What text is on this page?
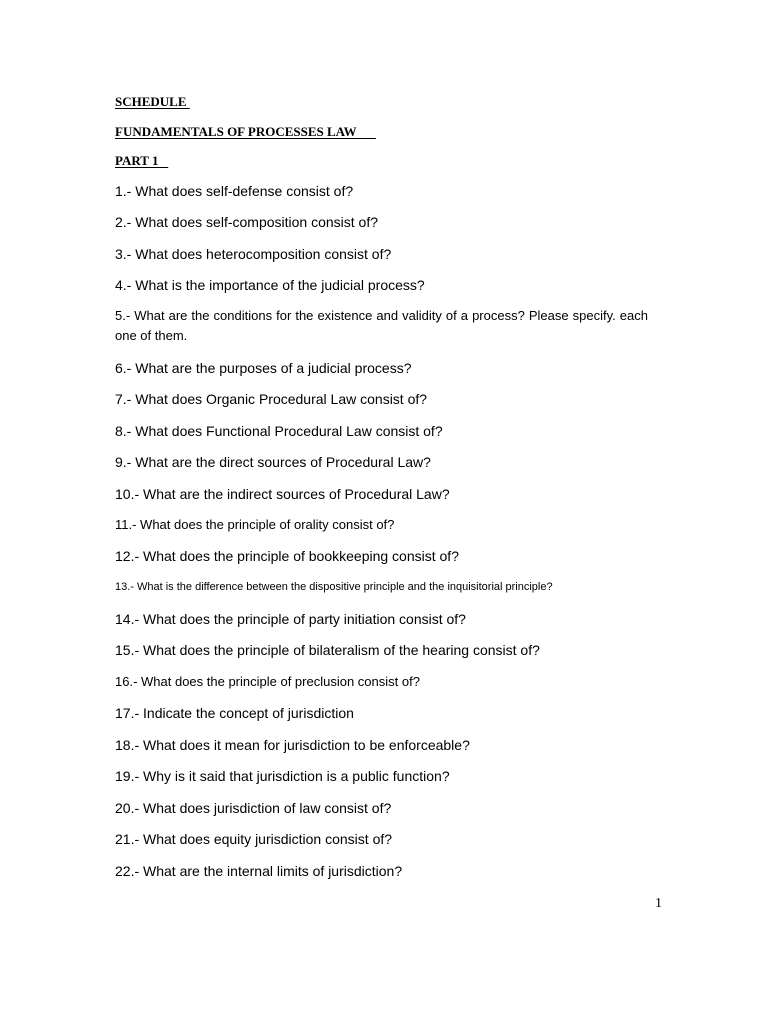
SCHEDULE
FUNDAMENTALS OF PROCESSES LAW
PART 1
1.- What does self-defense consist of?
2.- What does self-composition consist of?
3.- What does heterocomposition consist of?
4.- What is the importance of the judicial process?
5.- What are the conditions for the existence and validity of a process? Please specify. each one of them.
6.- What are the purposes of a judicial process?
7.- What does Organic Procedural Law consist of?
8.- What does Functional Procedural Law consist of?
9.- What are the direct sources of Procedural Law?
10.- What are the indirect sources of Procedural Law?
11.- What does the principle of orality consist of?
12.- What does the principle of bookkeeping consist of?
13.- What is the difference between the dispositive principle and the inquisitorial principle?
14.- What does the principle of party initiation consist of?
15.- What does the principle of bilateralism of the hearing consist of?
16.- What does the principle of preclusion consist of?
17.- Indicate the concept of jurisdiction
18.- What does it mean for jurisdiction to be enforceable?
19.- Why is it said that jurisdiction is a public function?
20.- What does jurisdiction of law consist of?
21.- What does equity jurisdiction consist of?
22.- What are the internal limits of jurisdiction?
1
